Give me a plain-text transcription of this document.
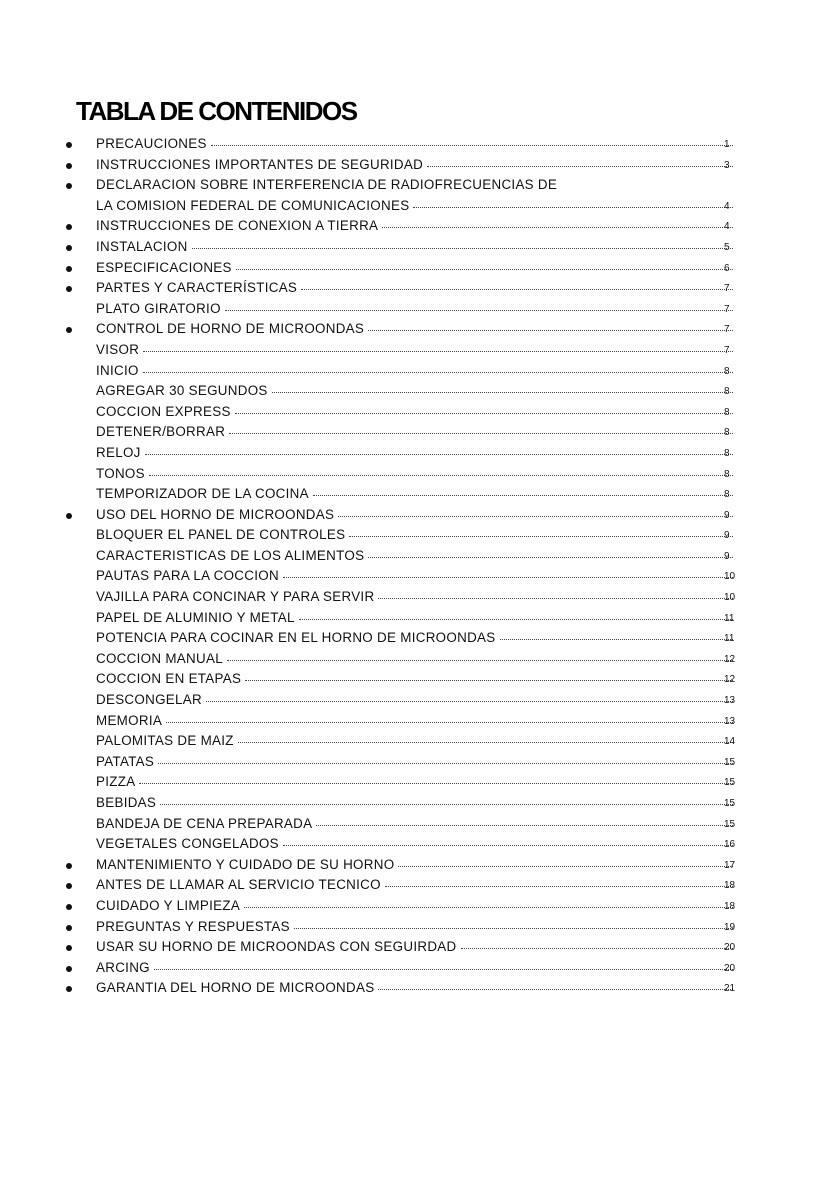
TABLA DE CONTENIDOS
PRECAUCIONES	1
INSTRUCCIONES IMPORTANTES DE SEGURIDAD	3
DECLARACION SOBRE INTERFERENCIA DE RADIOFRECUENCIAS DE
LA COMISION FEDERAL DE COMUNICACIONES	4
INSTRUCCIONES DE CONEXION A TIERRA	4
INSTALACION	5
ESPECIFICACIONES	6
PARTES Y CARACTERÍSTICAS	7
PLATO GIRATORIO	7
CONTROL DE HORNO DE MICROONDAS	7
VISOR	7
INICIO	8
AGREGAR 30 SEGUNDOS	8
COCCION EXPRESS	8
DETENER/BORRAR	8
RELOJ	8
TONOS	8
TEMPORIZADOR DE LA COCINA	8
USO DEL HORNO DE MICROONDAS	9
BLOQUER EL PANEL DE CONTROLES	9
CARACTERISTICAS DE LOS ALIMENTOS	9
PAUTAS PARA LA COCCION	10
VAJILLA PARA CONCINAR Y PARA SERVIR	10
PAPEL DE ALUMINIO Y METAL	11
POTENCIA PARA COCINAR EN EL HORNO DE MICROONDAS	11
COCCION MANUAL	12
COCCION EN ETAPAS	12
DESCONGELAR	13
MEMORIA	13
PALOMITAS DE MAIZ	14
PATATAS	15
PIZZA	15
BEBIDAS	15
BANDEJA DE CENA PREPARADA	15
VEGETALES CONGELADOS	16
MANTENIMIENTO Y CUIDADO DE SU HORNO	17
ANTES DE LLAMAR AL SERVICIO TECNICO	18
CUIDADO Y LIMPIEZA	18
PREGUNTAS Y RESPUESTAS	19
USAR SU HORNO DE MICROONDAS CON SEGUIRDAD	20
ARCING	20
GARANTIA DEL HORNO DE MICROONDAS	21
